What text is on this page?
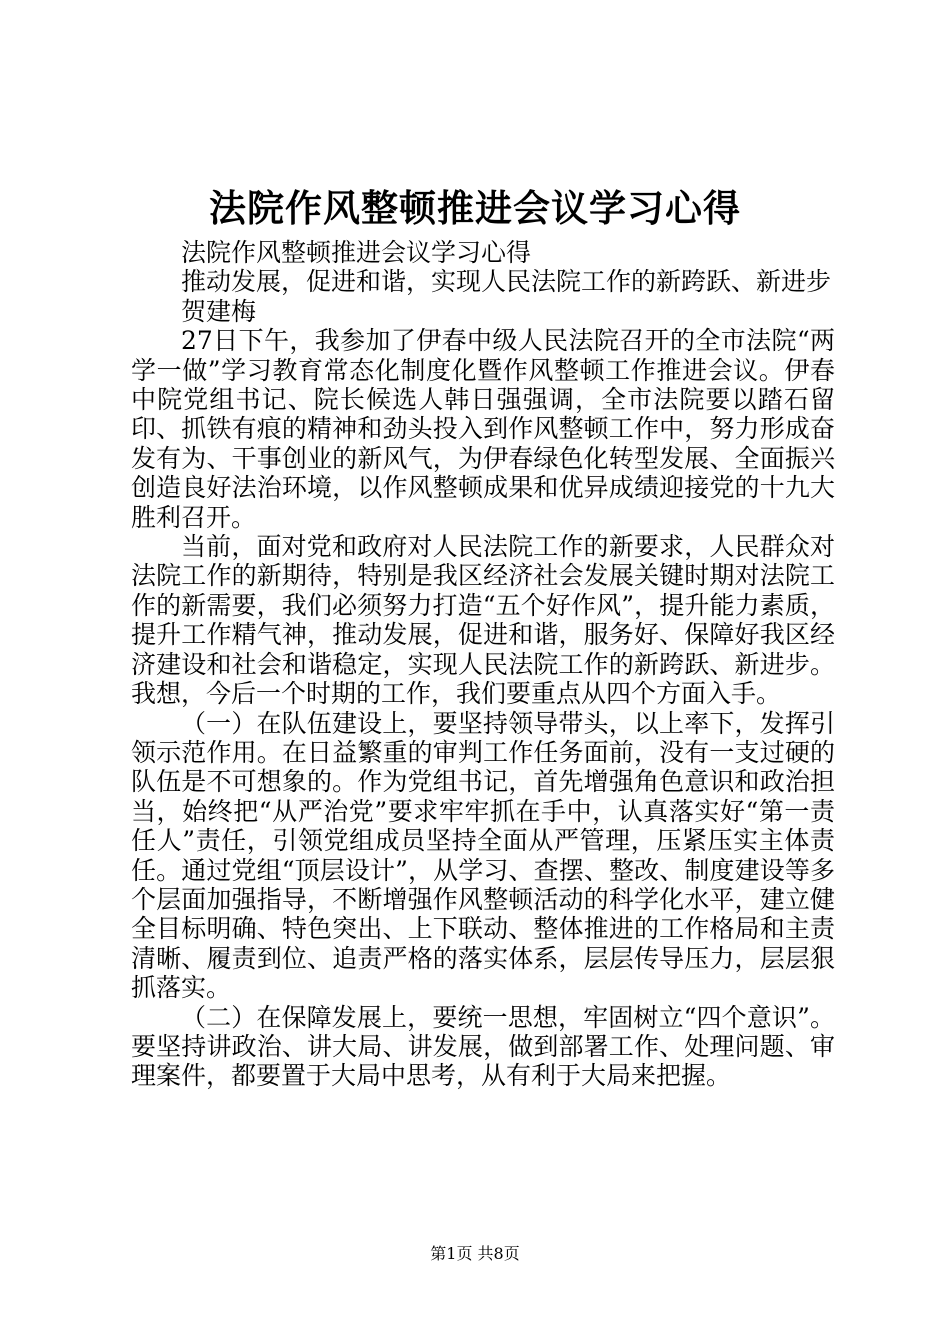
法院作风整顿推进会议学习心得

法院作风整顿推进会议学习心得

推动发展，促进和谐，实现人民法院工作的新跨跃、新进步

贺建梅

27日下午，我参加了伊春中级人民法院召开的全市法院“两学一做”学习教育常态化制度化暨作风整顿工作推进会议。伊春中院党组书记、院长候选人韩日强强调，全市法院要以踏石留印、抓铁有痕的精神和劲头投入到作风整顿工作中，努力形成奋发有为、干事创业的新风气，为伊春绿色化转型发展、全面振兴创造良好法治环境，以作风整顿成果和优异成绩迎接党的十九大胜利召开。

当前，面对党和政府对人民法院工作的新要求，人民群众对法院工作的新期待，特别是我区经济社会发展关键时期对法院工作的新需要，我们必须努力打造“五个好作风”，提升能力素质，提升工作精气神，推动发展，促进和谐，服务好、保障好我区经济建设和社会和谐稳定，实现人民法院工作的新跨跃、新进步。我想，今后一个时期的工作，我们要重点从四个方面入手。

（一）在队伍建设上，要坚持领导带头，以上率下，发挥引领示范作用。在日益繁重的审判工作任务面前，没有一支过硬的队伍是不可想象的。作为党组书记，首先增强角色意识和政治担当，始终把“从严治党”要求牢牢抓在手中，认真落实好“第一责任人”责任，引领党组成员坚持全面从严管理，压紧压实主体责任。通过党组“顶层设计”，从学习、查摆、整改、制度建设等多个层面加强指导，不断增强作风整顿活动的科学化水平，建立健全目标明确、特色突出、上下联动、整体推进的工作格局和主责清晰、履责到位、追责严格的落实体系，层层传导压力，层层狠抓落实。

（二）在保障发展上，要统一思想，牢固树立“四个意识”。要坚持讲政治、讲大局、讲发展，做到部署工作、处理问题、审理案件，都要置于大局中思考，从有利于大局来把握。

第1页 共8页
